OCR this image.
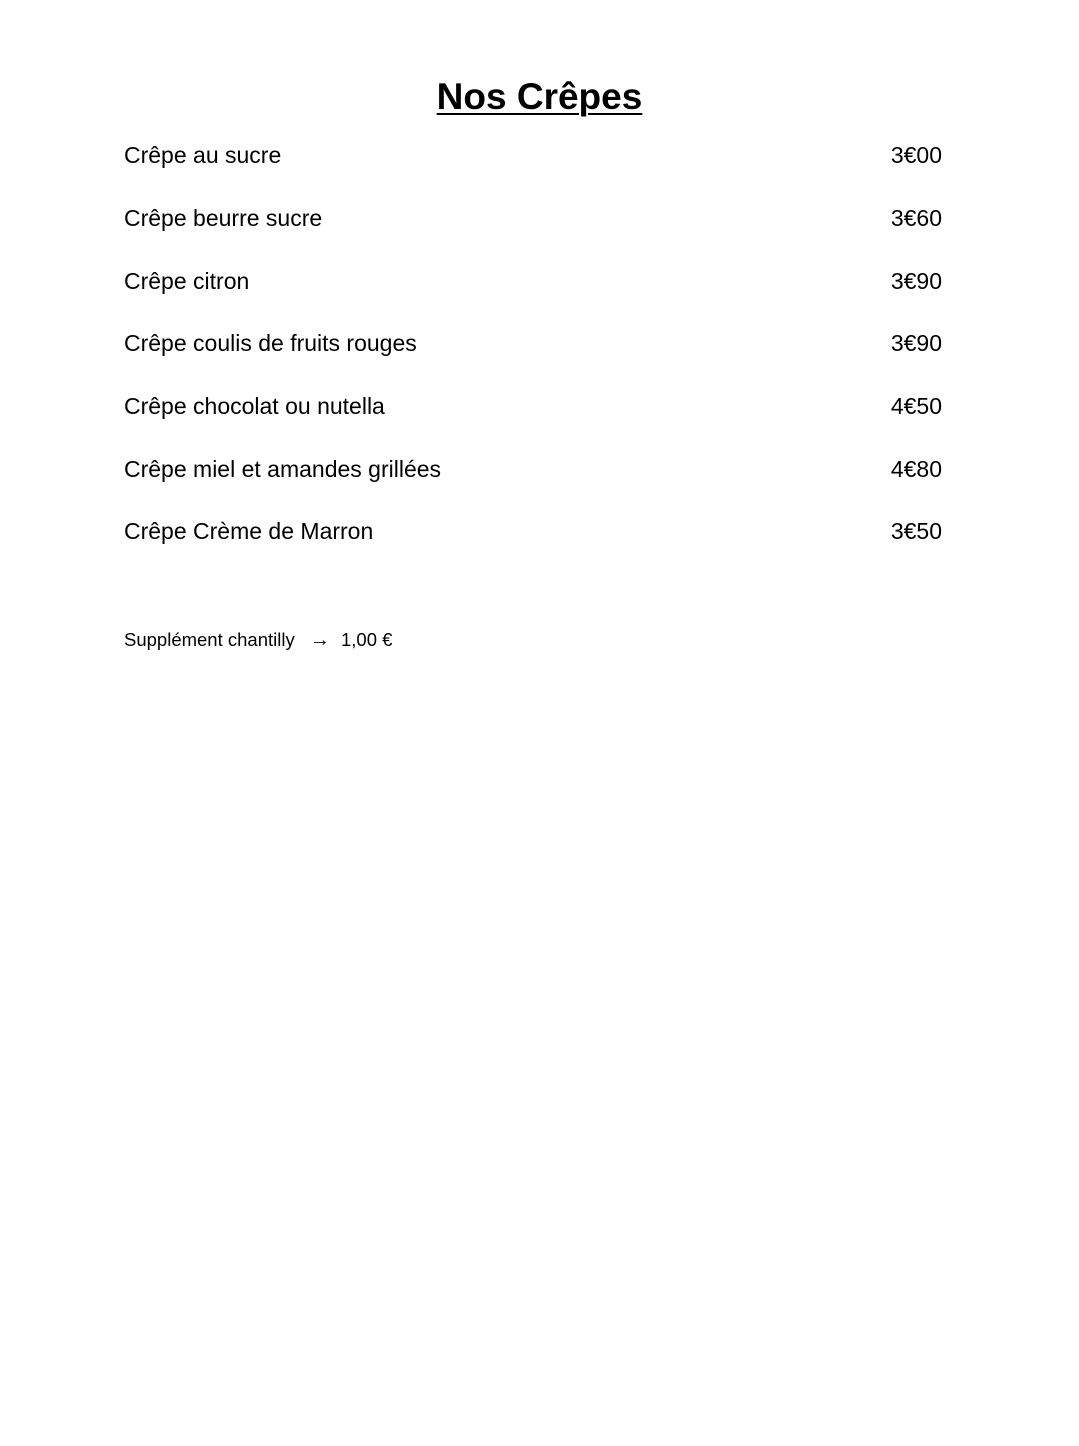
Nos Crêpes
Crêpe au sucre	3€00
Crêpe beurre sucre	3€60
Crêpe citron	3€90
Crêpe coulis de fruits rouges	3€90
Crêpe chocolat ou nutella	4€50
Crêpe miel et amandes grillées	4€80
Crêpe Crème de Marron	3€50
Supplément chantilly → 1,00 €
